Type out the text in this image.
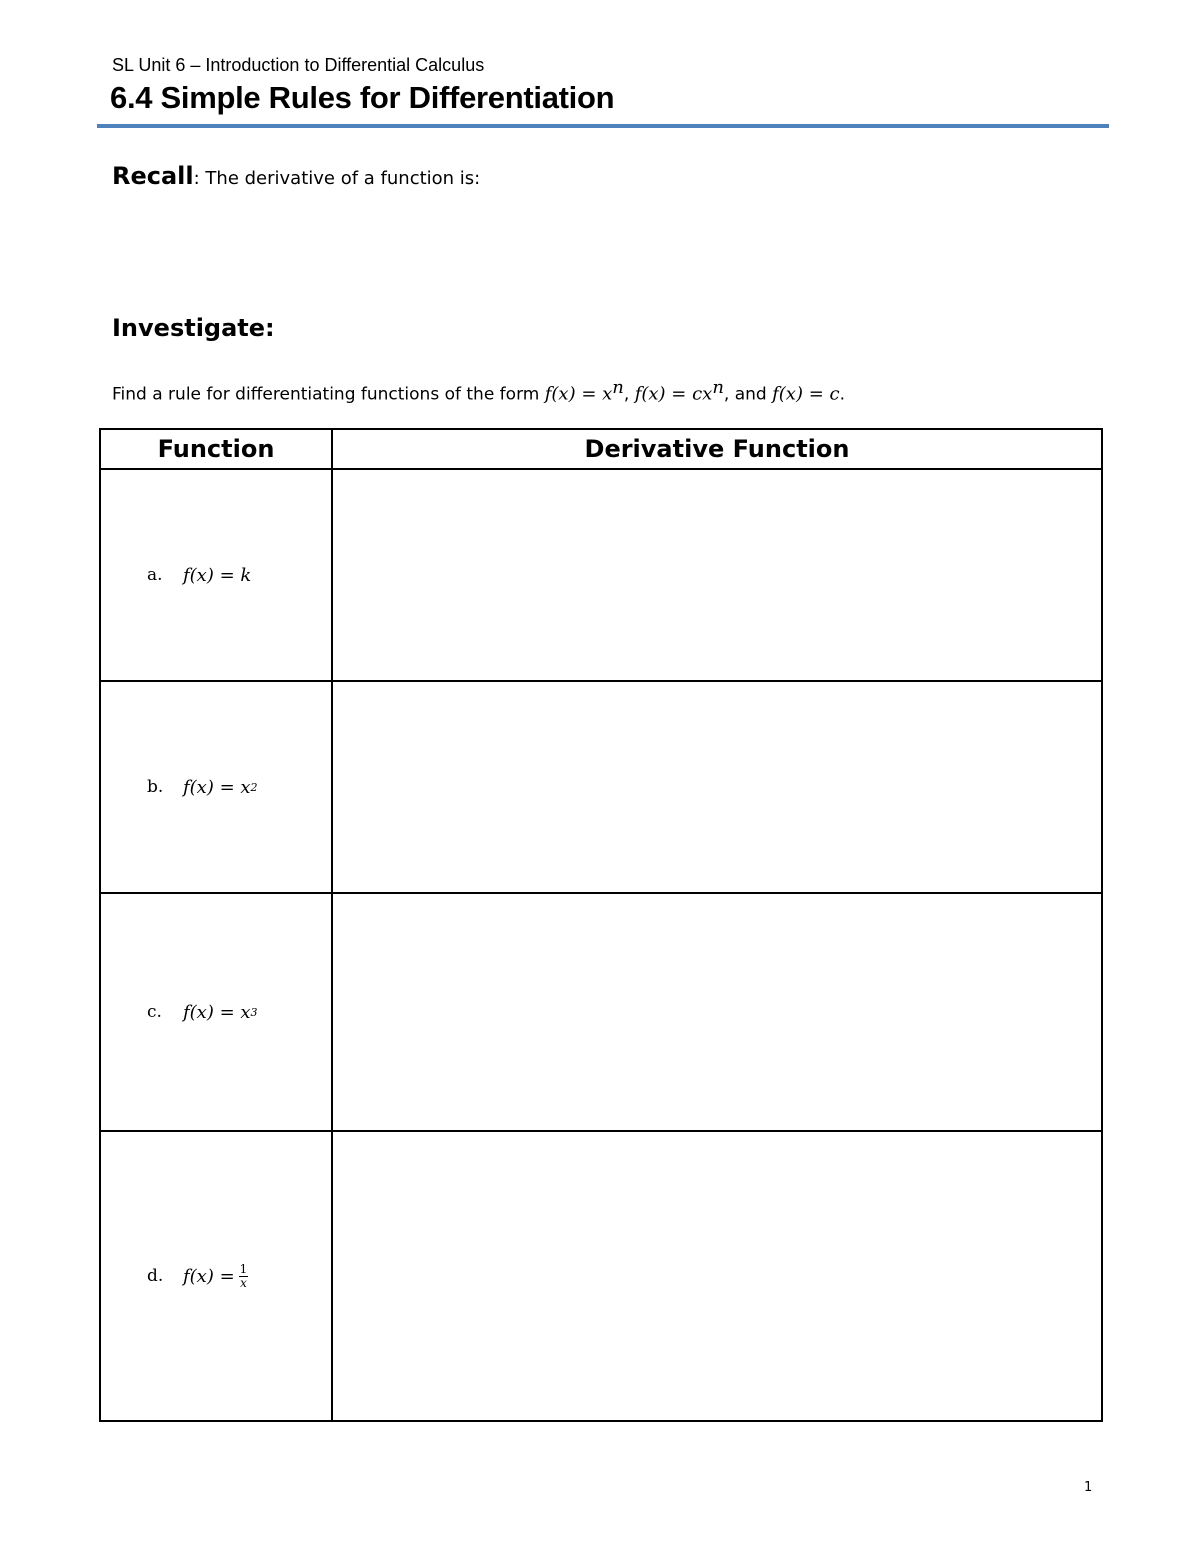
SL Unit 6 – Introduction to Differential Calculus
6.4 Simple Rules for Differentiation
Recall: The derivative of a function is:
Investigate:
Find a rule for differentiating functions of the form $f(x) = x^n$, $f(x) = cx^n$, and f(x) = c.
Function	Derivative Function
a.	f(x) = k
b.	f(x) = x 2
c.	f(x) = x 3
d.	$f(x) = \frac{1}{x}$
1
